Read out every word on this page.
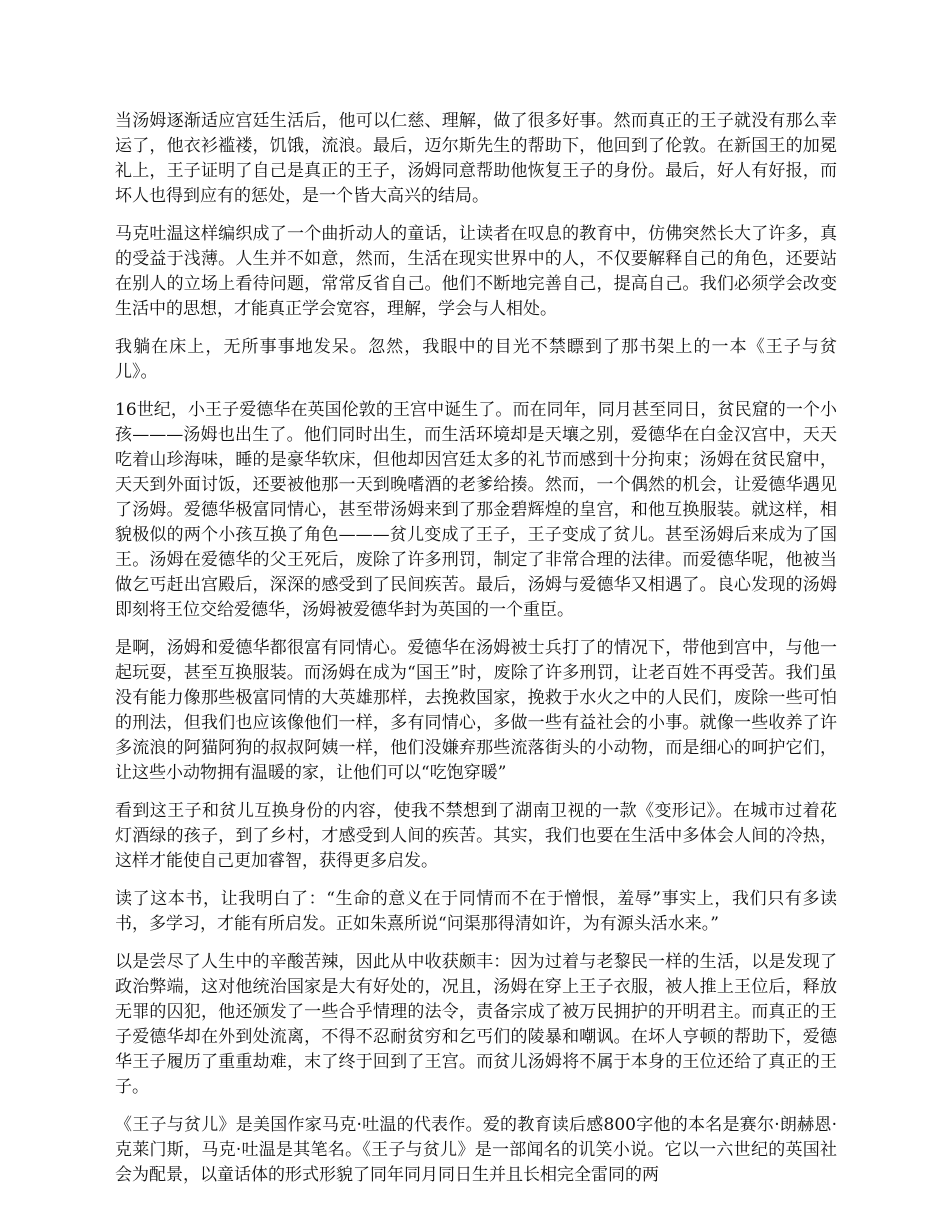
当汤姆逐渐适应宫廷生活后，他可以仁慈、理解，做了很多好事。然而真正的王子就没有那么幸运了，他衣衫褴褛，饥饿，流浪。最后，迈尔斯先生的帮助下，他回到了伦敦。在新国王的加冕礼上，王子证明了自己是真正的王子，汤姆同意帮助他恢复王子的身份。最后，好人有好报，而坏人也得到应有的惩处，是一个皆大高兴的结局。

马克吐温这样编织成了一个曲折动人的童话，让读者在叹息的教育中，仿佛突然长大了许多，真的受益于浅薄。人生并不如意，然而，生活在现实世界中的人，不仅要解释自己的角色，还要站在别人的立场上看待问题，常常反省自己。他们不断地完善自己，提高自己。我们必须学会改变生活中的思想，才能真正学会宽容，理解，学会与人相处。

我躺在床上，无所事事地发呆。忽然，我眼中的目光不禁瞟到了那书架上的一本《王子与贫儿》。

16世纪，小王子爱德华在英国伦敦的王宫中诞生了。而在同年，同月甚至同日，贫民窟的一个小孩———汤姆也出生了。他们同时出生，而生活环境却是天壤之别，爱德华在白金汉宫中，天天吃着山珍海味，睡的是豪华软床，但他却因宫廷太多的礼节而感到十分拘束；汤姆在贫民窟中，天天到外面讨饭，还要被他那一天到晚嗜酒的老爹给揍。然而，一个偶然的机会，让爱德华遇见了汤姆。爱德华极富同情心，甚至带汤姆来到了那金碧辉煌的皇宫，和他互换服装。就这样，相貌极似的两个小孩互换了角色———贫儿变成了王子，王子变成了贫儿。甚至汤姆后来成为了国王。汤姆在爱德华的父王死后，废除了许多刑罚，制定了非常合理的法律。而爱德华呢，他被当做乞丐赶出宫殿后，深深的感受到了民间疾苦。最后，汤姆与爱德华又相遇了。良心发现的汤姆即刻将王位交给爱德华，汤姆被爱德华封为英国的一个重臣。

是啊，汤姆和爱德华都很富有同情心。爱德华在汤姆被士兵打了的情况下，带他到宫中，与他一起玩耍，甚至互换服装。而汤姆在成为“国王”时，废除了许多刑罚，让老百姓不再受苦。我们虽没有能力像那些极富同情的大英雄那样，去挽救国家，挽救于水火之中的人民们，废除一些可怕的刑法，但我们也应该像他们一样，多有同情心，多做一些有益社会的小事。就像一些收养了许多流浪的阿猫阿狗的叔叔阿姨一样，他们没嫌弃那些流落街头的小动物，而是细心的呵护它们，让这些小动物拥有温暖的家，让他们可以“吃饱穿暖”

看到这王子和贫儿互换身份的内容，使我不禁想到了湖南卫视的一款《变形记》。在城市过着花灯酒绿的孩子，到了乡村，才感受到人间的疾苦。其实，我们也要在生活中多体会人间的冷热，这样才能使自己更加睿智，获得更多启发。

读了这本书，让我明白了：“生命的意义在于同情而不在于憎恨，羞辱”事实上，我们只有多读书，多学习，才能有所启发。正如朱熹所说“问渠那得清如许，为有源头活水来。”

以是尝尽了人生中的辛酸苦辣，因此从中收获颇丰：因为过着与老黎民一样的生活，以是发现了政治弊端，这对他统治国家是大有好处的，况且，汤姆在穿上王子衣服，被人推上王位后，释放无罪的囚犯，他还颁发了一些合乎情理的法令，责备宗成了被万民拥护的开明君主。而真正的王子爱德华却在外到处流离，不得不忍耐贫穷和乞丐们的陵暴和嘲讽。在坏人亨顿的帮助下，爱德华王子履历了重重劫难，末了终于回到了王宫。而贫儿汤姆将不属于本身的王位还给了真正的王子。

《王子与贫儿》是美国作家马克·吐温的代表作。爱的教育读后感800字他的本名是赛尔·朗赫恩·克莱门斯，马克·吐温是其笔名。《王子与贫儿》是一部闻名的讥笑小说。它以一六世纪的英国社会为配景，以童话体的形式形貌了同年同月同日生并且长相完全雷同的两
